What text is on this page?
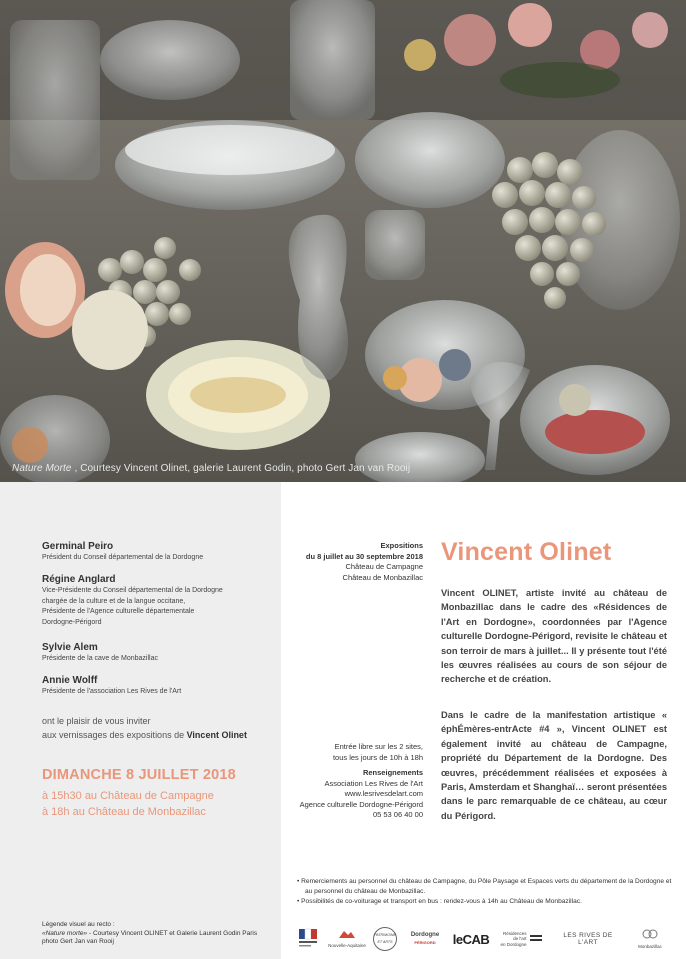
Nature Morte , Courtesy Vincent Olinet, galerie Laurent Godin, photo Gert Jan van Rooij
Germinal Peiro
Président du Conseil départemental de la Dordogne
Régine Anglard
Vice-Présidente du Conseil départemental de la Dordogne
chargée de la culture et de la langue occitane,
Présidente de l'Agence culturelle départementale
Dordogne-Périgord
Sylvie Alem
Présidente de la cave de Monbazillac
Annie Wolff
Présidente de l'association Les Rives de l'Art
ont le plaisir de vous inviter
aux vernissages des expositions de Vincent Olinet
DIMANCHE 8 JUILLET 2018
à 15h30 au Château de Campagne
à 18h au Château de Monbazillac
Légende visuel au recto :
«Nature morte» - Courtesy Vincent OLINET et Galerie Laurent Godin Paris
photo Gert Jan van Rooij
Expositions
du 8 juillet au 30 septembre 2018
Château de Campagne
Château de Monbazillac
Entrée libre sur les 2 sites,
tous les jours de 10h à 18h
Renseignements
Association Les Rives de l'Art
www.lesrivesdelart.com
Agence culturelle Dordogne-Périgord
05 53 06 40 00
Vincent Olinet
Vincent OLINET, artiste invité au château de Monbazillac dans le cadre des «Résidences de l'Art en Dordogne», coordonnées par l'Agence culturelle Dordogne-Périgord, revisite le château et son terroir de mars à juillet... Il y présente tout l'été les œuvres réalisées au cours de son séjour de recherche et de création.
Dans le cadre de la manifestation artistique « éphÉmères-entrActe #4 », Vincent OLINET est également invité au château de Campagne, propriété du Département de la Dordogne. Des œuvres, précédemment réalisées et exposées à Paris, Amsterdam et Shanghaï… seront présentées dans le parc remarquable de ce château, au cœur du Périgord.
• Remerciements au personnel du château de Campagne, du Pôle Paysage et Espaces verts du département de la Dordogne et au personnel du château de Monbazillac.
• Possibilités de co-voiturage et transport en bus : rendez-vous à 14h au Château de Monbazillac.
Nouvelle-Aquitaine
PATRIMOINE ET ARTS
Dordogne
PÉRIGORD leCAB	Résidences
de l'art
en Dordogne
LES RIVES DE L'ART
Monbazillac
